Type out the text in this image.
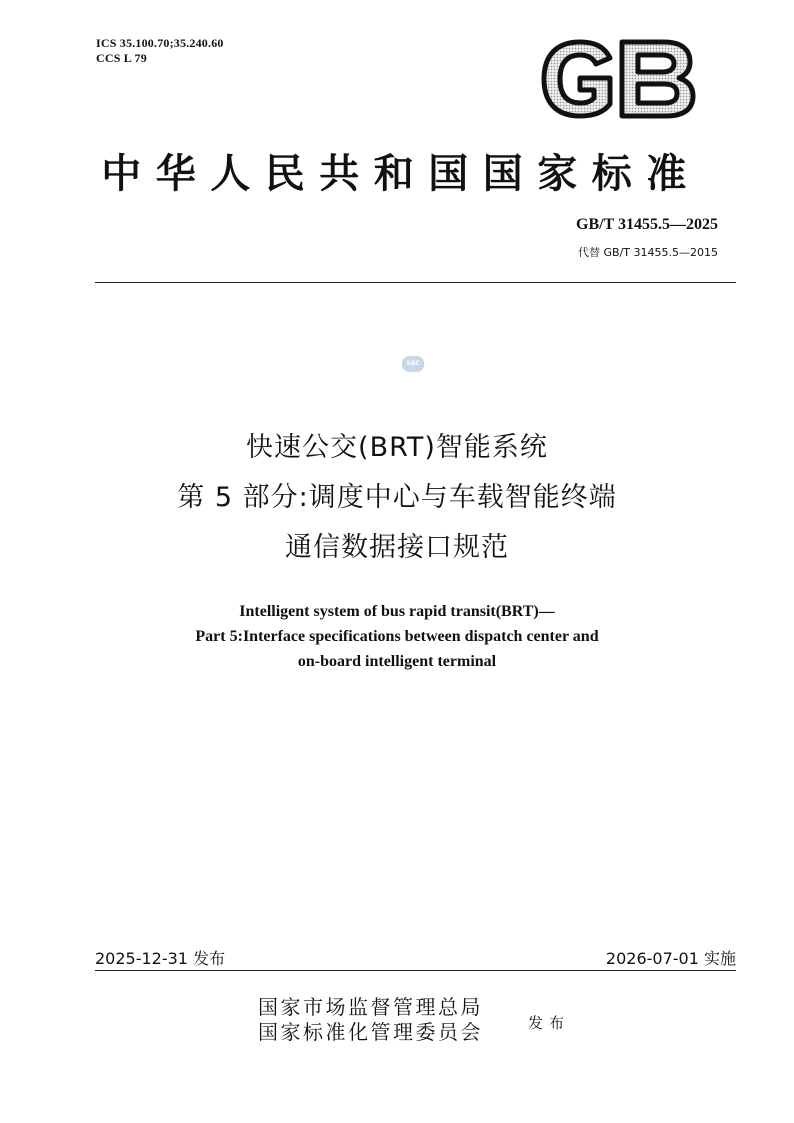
ICS 35.100.70;35.240.60
CCS L 79
中华人民共和国国家标准
GB/T 31455.5—2025
代替 GB/T 31455.5—2015
SAC
快速公交(BRT)智能系统
第 5 部分:调度中心与车载智能终端
通信数据接口规范
Intelligent system of bus rapid transit(BRT)—
Part 5:Interface specifications between dispatch center and
on-board intelligent terminal
2025-12-31 发布	2026-07-01 实施
国家市场监督管理总局
国家标准化管理委员会	发布
